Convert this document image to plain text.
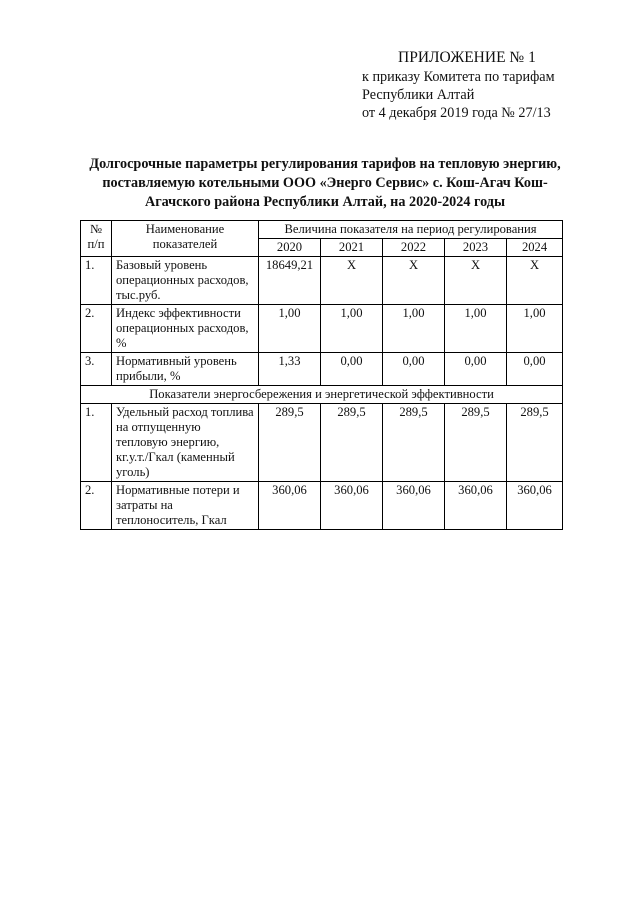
ПРИЛОЖЕНИЕ № 1
к приказу Комитета по тарифам
Республики Алтай
от 4 декабря 2019 года № 27/13
Долгосрочные параметры регулирования тарифов на тепловую энергию, поставляемую котельными ООО «Энерго Сервис» с. Кош-Агач Кош-Агачского района Республики Алтай, на 2020-2024 годы
№ п/п	Наименование показателей	Величина показателя на период регулирования				
		2020	2021	2022	2023	2024
1.	Базовый уровень операционных расходов, тыс.руб.	18649,21	X	X	X	X
2.	Индекс эффективности операционных расходов, %	1,00	1,00	1,00	1,00	1,00
3.	Нормативный уровень прибыли, %	1,33	0,00	0,00	0,00	0,00
Показатели энергосбережения и энергетической эффективности						
1.	Удельный расход топлива на отпущенную тепловую энергию, кг.у.т./Гкал (каменный уголь)	289,5	289,5	289,5	289,5	289,5
2.	Нормативные потери и затраты на теплоноситель, Гкал	360,06	360,06	360,06	360,06	360,06
